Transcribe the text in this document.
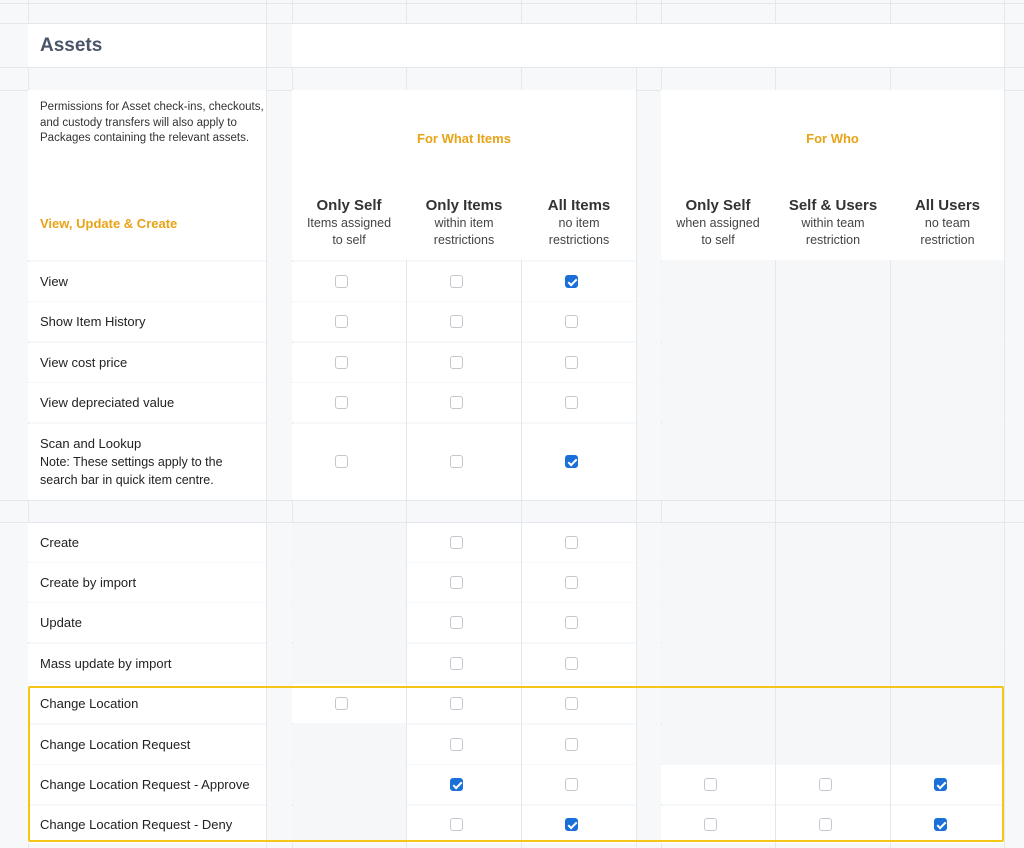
Assets
Permissions for Asset check-ins, checkouts, and custody transfers will also apply to Packages containing the relevant assets.	For What Items	For Who
View, Update & Create
Only Self
Items assigned
to self
Only Items
within item
restrictions
All Items
no item
restrictions
Only Self
when assigned
to self
Self & Users
within team
restriction
All Users
no team
restriction
View
Show Item History
View cost price
View depreciated value
Scan and Lookup
Note: These settings apply to the search bar in quick item centre.
Create
Create by import
Update
Mass update by import
Change Location
Change Location Request
Change Location Request - Approve
Change Location Request - Deny
